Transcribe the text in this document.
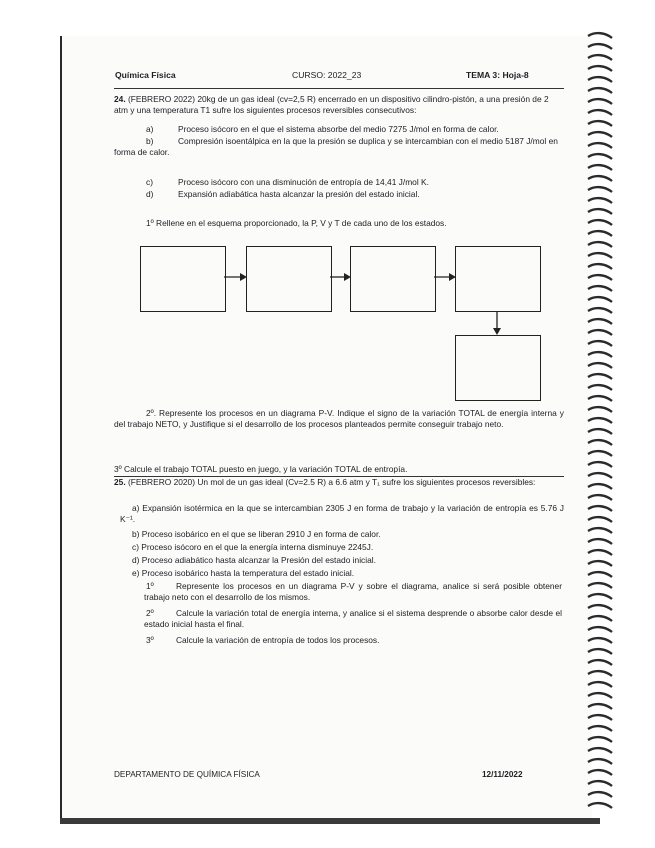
Química Física	CURSO: 2022_23	TEMA 3: Hoja-8
24. (FEBRERO 2022) 20kg de un gas ideal (cv=2,5 R) encerrado en un dispositivo cilindro-pistón, a una presión de 2 atm y una temperatura T1 sufre los siguientes procesos reversibles consecutivos:
a)	Proceso isócoro en el que el sistema absorbe del medio 7275 J/mol en forma de calor.
b)	Compresión isoentálpica en la que la presión se duplica y se intercambian con el medio 5187 J/mol en forma de calor.
c)	Proceso isócoro con una disminución de entropía de 14,41 J/mol K.
d)	Expansión adiabática hasta alcanzar la presión del estado inicial.
1º Rellene en el esquema proporcionado, la P, V y T de cada uno de los estados.
2º. Represente los procesos en un diagrama P-V. Indique el signo de la variación TOTAL de energía interna y del trabajo NETO, y Justifique si el desarrollo de los procesos planteados permite conseguir trabajo neto.
3º Calcule el trabajo TOTAL puesto en juego, y la variación TOTAL de entropía.
25. (FEBRERO 2020) Un mol de un gas ideal (Cv=2.5 R) a 6.6 atm y T₁ sufre los siguientes procesos reversibles:
a) Expansión isotérmica en la que se intercambian 2305 J en forma de trabajo y la variación de entropía es 5.76 J K⁻¹.
b) Proceso isobárico en el que se liberan 2910 J en forma de calor.
c) Proceso isócoro en el que la energía interna disminuye 2245J.
d) Proceso adiabático hasta alcanzar la Presión del estado inicial.
e) Proceso isobárico hasta la temperatura del estado inicial.
1º	Represente los procesos en un diagrama P-V y sobre el diagrama, analice si será posible obtener trabajo neto con el desarrollo de los mismos.
2º	Calcule la variación total de energía interna, y analice si el sistema desprende o absorbe calor desde el estado inicial hasta el final.
3º	Calcule la variación de entropía de todos los procesos.
DEPARTAMENTO DE QUÍMICA FÍSICA	12/11/2022
